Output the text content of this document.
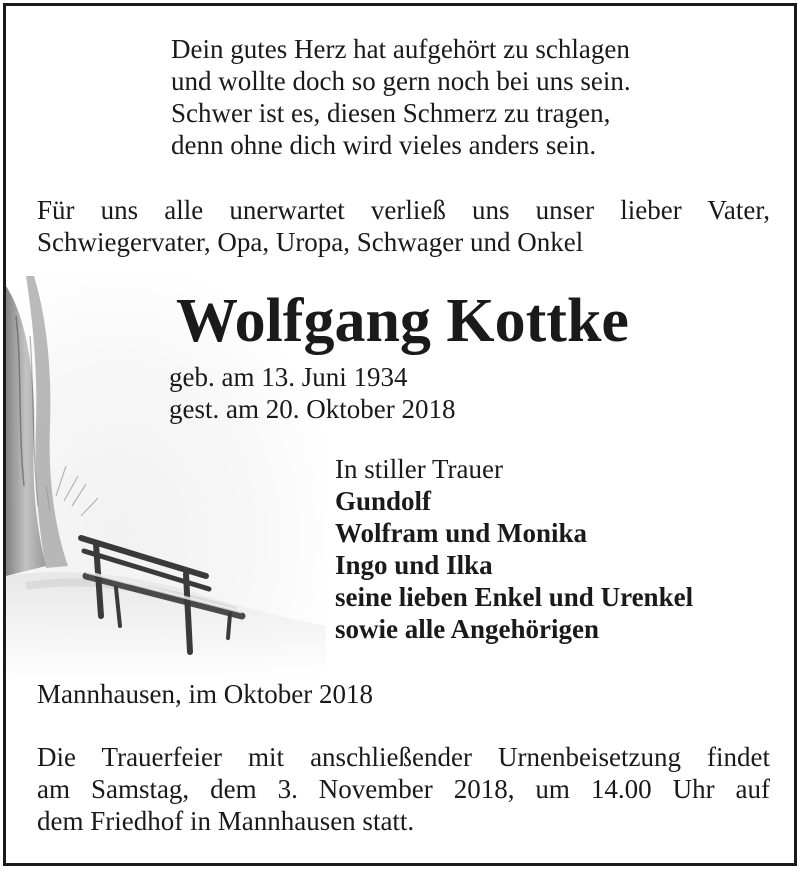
Dein gutes Herz hat aufgehört zu schlagen
und wollte doch so gern noch bei uns sein.
Schwer ist es, diesen Schmerz zu tragen,
denn ohne dich wird vieles anders sein.

Für uns alle unerwartet verließ uns unser lieber Vater,
Schwiegervater, Opa, Uropa, Schwager und Onkel

Wolfgang Kottke

geb. am 13. Juni 1934
gest. am 20. Oktober 2018

In stiller Trauer
Gundolf
Wolfram und Monika
Ingo und Ilka
seine lieben Enkel und Urenkel
sowie alle Angehörigen

Mannhausen, im Oktober 2018

Die Trauerfeier mit anschließender Urnenbeisetzung findet
am Samstag, dem 3. November 2018, um 14.00 Uhr auf
dem Friedhof in Mannhausen statt.
